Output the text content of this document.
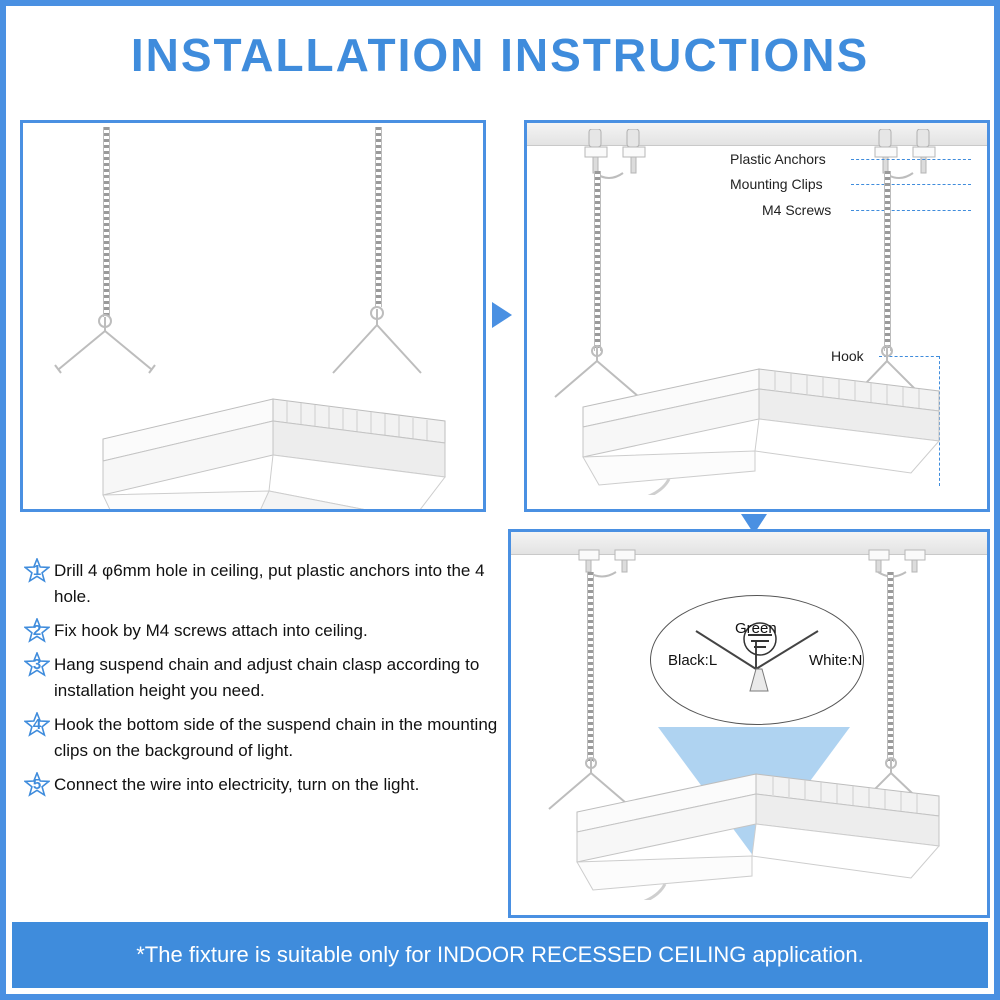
INSTALLATION INSTRUCTIONS
Plastic Anchors
Mounting Clips
M4 Screws
Hook
Green
Black:L	White:N
1 Drill 4 φ6mm hole in ceiling, put plastic anchors into the 4 hole.
2 Fix hook by M4 screws attach into ceiling.
3 Hang suspend chain and adjust chain clasp according to installation height you need.
4 Hook the bottom side of the suspend chain in the mounting clips on the background of light.
5 Connect the wire into electricity, turn on the light.
*The fixture is suitable only for INDOOR RECESSED CEILING application.
